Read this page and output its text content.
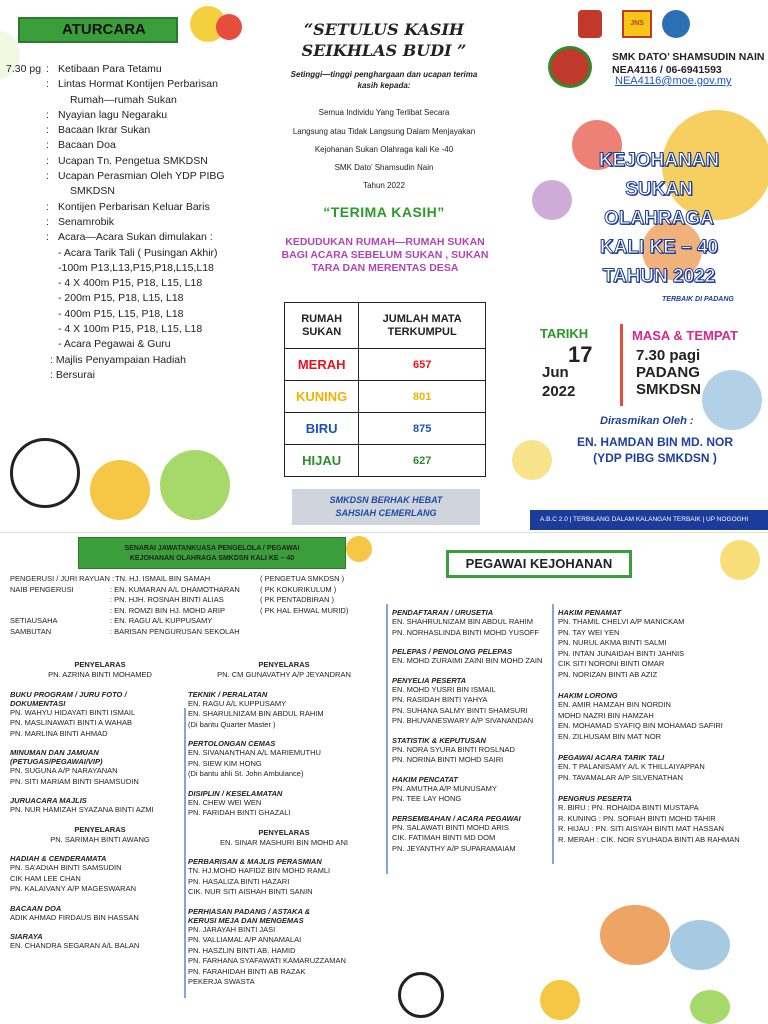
ATURCARA
7.30 pg : Ketibaan Para Tetamu
: Lintas Hormat Kontijen Perbarisan
Rumah—rumah Sukan
: Nyayian lagu Negaraku
: Bacaan Ikrar Sukan
: Bacaan Doa
: Ucapan Tn. Pengetua SMKDSN
: Ucapan Perasmian Oleh YDP PIBG
SMKDSN
: Kontijen Perbarisan Keluar Baris
: Senamrobik
: Acara—Acara Sukan dimulakan :
- Acara Tarik Tali ( Pusingan Akhir)
-100m P13,L13,P15,P18,L15,L18
- 4 X 400m P15, P18, L15, L18
- 200m P15, P18, L15, L18
- 400m P15, L15, P18, L18
- 4 X 100m P15, P18, L15, L18
- Acara Pegawai & Guru
: Majlis Penyampaian Hadiah
: Bersurai
“SETULUS KASIH
SEIKHLAS BUDI ”
Setinggi—tinggi penghargaan dan ucapan terima
kasih kepada:
Semua Individu Yang Terlibat Secara
Langsung atau Tidak Langsung Dalam Menjayakan
Kejohanan Sukan Olahraga kali Ke -40
SMK Dato’ Shamsudin Nain
Tahun 2022
“TERIMA KASIH”
KEDUDUKAN RUMAH—RUMAH SUKAN BAGI ACARA SEBELUM SUKAN , SUKAN TARA DAN MERENTAS DESA
RUMAH SUKAN	JUMLAH MATA TERKUMPUL
MERAH	657
KUNING	801
BIRU	875
HIJAU	627
SMKDSN BERHAK HEBAT
SAHSIAH CEMERLANG
JNS
SMK DATO’ SHAMSUDIN NAIN
NEA4116 / 06-6941593
NEA4116@moe.gov.my
KEJOHANAN
SUKAN
OLAHRAGA
KALI KE – 40
TAHUN 2022
TERBAIK DI PADANG
TARIKH
17
Jun
2022
MASA & TEMPAT
7.30 pagi
PADANG
SMKDSN
Dirasmikan Oleh :
EN. HAMDAN BIN MD. NOR
(YDP PIBG SMKDSN )
A.B.C 2.0 | TERBILANG DALAM KALANGAN TERBAIK | UP NOGOGHI
SENARAI JAWATANKUASA PENGELOLA / PEGAWAI
KEJOHANAN OLAHRAGA SMKDSN KALI KE – 40
PENGERUSI / JURI RAYUAN : TN. HJ. ISMAIL BIN SAMAH	( PENGETUA SMKDSN )
NAIB PENGERUSI	: EN. KUMARAN A/L DHAMOTHARAN	( PK KOKURIKULUM )
: PN. HJH. ROSNAH BINTI ALIAS	( PK PENTADBIRAN )
: EN. ROMZI BIN HJ. MOHD ARIP	( PK HAL EHWAL MURID)
SETIAUSAHA	: EN. RAGU A/L KUPPUSAMY
SAMBUTAN	: BARISAN PENGURUSAN SEKOLAH
PENYELARAS
PN. AZRINA BINTI MOHAMED
BUKU PROGRAM / JURU FOTO /
DOKUMENTASI
PN. WAHYU HIDAYATI BINTI ISMAIL
PN. MASLINAWATI BINTI A WAHAB
PN. MARLINA BINTI AHMAD
MINUMAN DAN JAMUAN
(PETUGAS/PEGAWAI/VIP)
PN. SUGUNA A/P NARAYANAN
PN. SITI MARIAM BINTI SHAMSUDIN
JURUACARA MAJLIS
PN. NUR HAMIZAH SYAZANA BINTI AZMI
PENYELARAS
PN. SARIMAH BINTI AWANG
HADIAH & CENDERAMATA
PN. SA’ADIAH BINTI SAMSUDIN
CIK HAM LEE CHAN
PN. KALAIVANY A/P MAGESWARAN
BACAAN DOA
ADIK AHMAD FIRDAUS BIN HASSAN
SIARAYA
EN. CHANDRA SEGARAN A/L BALAN
PENYELARAS
PN. CM GUNAVATHY A/P JEYANDRAN
TEKNIK / PERALATAN
EN. RAGU A/L KUPPUSAMY
EN. SHARULNIZAM BIN ABDUL RAHIM
(Di bantu Quarter Master )
PERTOLONGAN CEMAS
EN. SIVANANTHAN A/L MARIEMUTHU
PN. SIEW KIM HONG
(Di bantu ahli St. John Ambulance)
DISIPLIN / KESELAMATAN
EN. CHEW WEI WEN
PN. FARIDAH BINTI GHAZALI
PENYELARAS
EN. SINAR MASHURI BIN MOHD ANI
PERBARISAN & MAJLIS PERASMIAN
TN. HJ.MOHD HAFIDZ BIN MOHD RAMLI
PN. HASALIZA BINTI HAZARI
CIK. NUR SITI AISHAH BINTI SANIN
PERHIASAN PADANG / ASTAKA &
KERUSI MEJA DAN MENGEMAS
PN. JARAYAH BINTI JASI
PN. VALLIAMAL A/P ANNAMALAI
PN. HASZLIN BINTI AB. HAMID
PN. FARHANA SYAFAWATI KAMARUZZAMAN
PN. FARAHIDAH BINTI AB RAZAK
PEKERJA SWASTA
PEGAWAI KEJOHANAN
PENDAFTARAN / URUSETIA
EN. SHAHRULNIZAM BIN ABDUL RAHIM
PN. NORHASLINDA BINTI MOHD YUSOFF
PELEPAS / PENOLONG PELEPAS
EN. MOHD ZURAIMI ZAINI BIN MOHD ZAIN
PENYELIA PESERTA
EN. MOHD YUSRI BIN ISMAIL
PN. RASIDAH BINTI YAHYA
PN. SUHANA SALMY BINTI SHAMSURI
PN. BHUVANESWARY A/P SIVANANDAN
STATISTIK & KEPUTUSAN
PN. NORA SYURA BINTI ROSLNAD
PN. NORINA BINTI MOHD SAIRI
HAKIM PENCATAT
PN. AMUTHA A/P MUNUSAMY
PN. TEE LAY HONG
PERSEMBAHAN / ACARA PEGAWAI
PN. SALAWATI BINTI MOHD ARIS
CIK. FATIMAH BINTI MD DOM
PN. JEYANTHY A/P SUPARAMAIAM
HAKIM PENAMAT
PN. THAMIL CHELVI A/P MANICKAM
PN. TAY WEI YEN
PN. NURUL AKMA BINTI SALMI
PN. INTAN JUNAIDAH BINTI JAHNIS
CIK SITI NORONI BINTI OMAR
PN. NORIZAN BINTI AB AZIZ
HAKIM LORONG
EN. AMIR HAMZAH BIN NORDIN
MOHD NAZRI BIN HAMZAH
EN. MOHAMAD SYAFIQ BIN MOHAMAD SAFIRI
EN. ZILHUSAM BIN MAT NOR
PEGAWAI ACARA TARIK TALI
EN. T PALANISAMY A/L K THILLAIYAPPAN
PN. TAVAMALAR A/P SILVENATHAN
PENGRUS PESERTA
R. BIRU : PN. ROHAIDA BINTI MUSTAPA
R. KUNING : PN. SOFIAH BINTI MOHD TAHIR
R. HIJAU : PN. SITI AISYAH BINTI MAT HASSAN
R. MERAH : CIK. NOR SYUHADA BINTI AB RAHMAN
